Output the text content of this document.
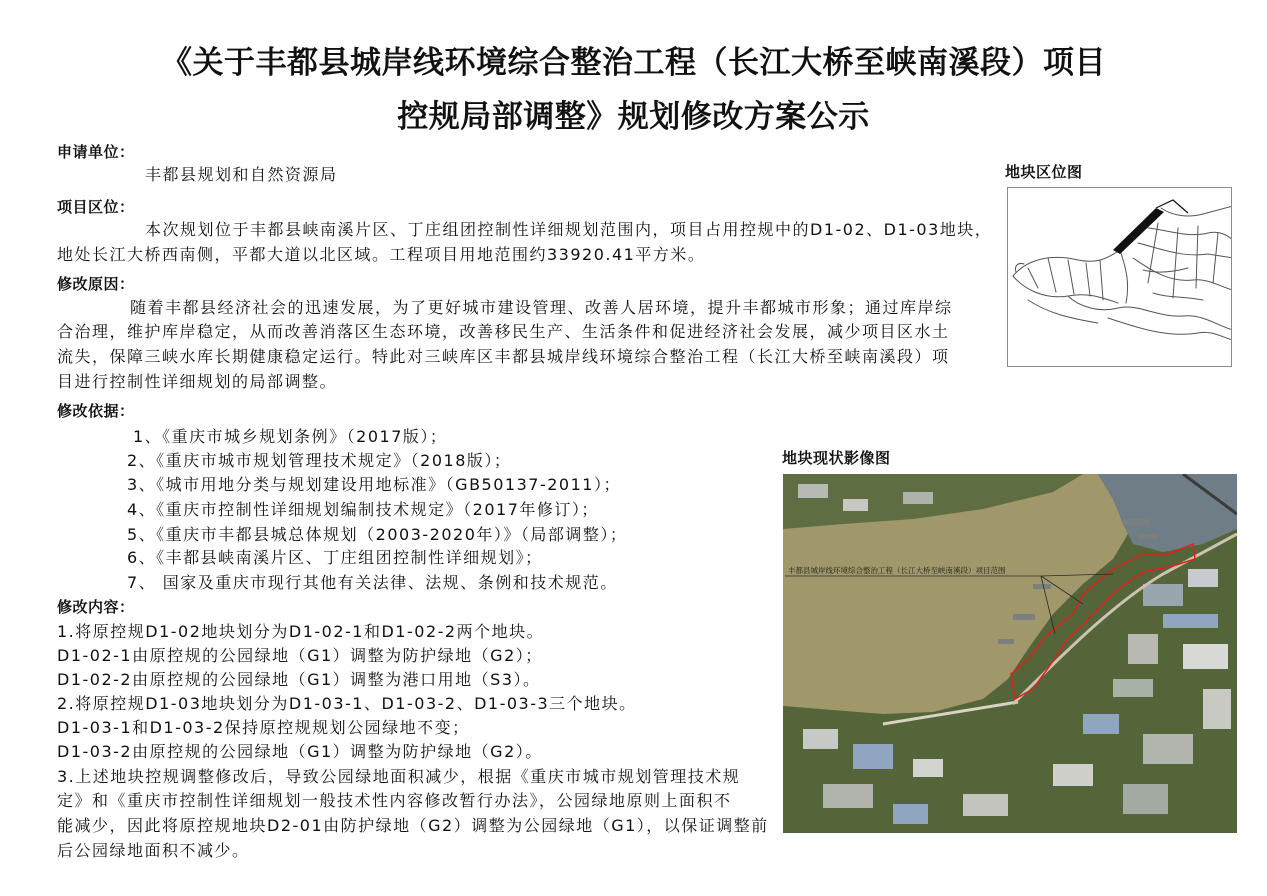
《关于丰都县城岸线环境综合整治工程（长江大桥至峡南溪段）项目
控规局部调整》规划修改方案公示
申请单位：
丰都县规划和自然资源局
项目区位：
本次规划位于丰都县峡南溪片区、丁庄组团控制性详细规划范围内，项目占用控规中的D1-02、D1-03地块，
地处长江大桥西南侧，平都大道以北区域。工程项目用地范围约33920.41平方米。
修改原因：
随着丰都县经济社会的迅速发展，为了更好城市建设管理、改善人居环境，提升丰都城市形象；通过库岸综
合治理，维护库岸稳定，从而改善消落区生态环境，改善移民生产、生活条件和促进经济社会发展，减少项目区水土
流失，保障三峡水库长期健康稳定运行。特此对三峡库区丰都县城岸线环境综合整治工程（长江大桥至峡南溪段）项
目进行控制性详细规划的局部调整。
修改依据：
1、《重庆市城乡规划条例》（2017版）；
2、《重庆市城市规划管理技术规定》（2018版）；
3、《城市用地分类与规划建设用地标准》（GB50137-2011）；
4、《重庆市控制性详细规划编制技术规定》（2017年修订）；
5、《重庆市丰都县城总体规划（2003-2020年）》（局部调整）；
6、《丰都县峡南溪片区、丁庄组团控制性详细规划》；
7、 国家及重庆市现行其他有关法律、法规、条例和技术规范。
修改内容：
1.将原控规D1-02地块划分为D1-02-1和D1-02-2两个地块。
D1-02-1由原控规的公园绿地（G1）调整为防护绿地（G2）；
D1-02-2由原控规的公园绿地（G1）调整为港口用地（S3）。
2.将原控规D1-03地块划分为D1-03-1、D1-03-2、D1-03-3三个地块。
D1-03-1和D1-03-2保持原控规规划公园绿地不变；
D1-03-2由原控规的公园绿地（G1）调整为防护绿地（G2）。
3.上述地块控规调整修改后，导致公园绿地面积减少，根据《重庆市城市规划管理技术规
定》和《重庆市控制性详细规划一般技术性内容修改暂行办法》，公园绿地原则上面积不
能减少，因此将原控规地块D2-01由防护绿地（G2）调整为公园绿地（G1），以保证调整前
后公园绿地面积不减少。
地块区位图
地块现状影像图
丰都县城岸线环境综合整治工程（长江大桥至峡南溪段）项目范围
